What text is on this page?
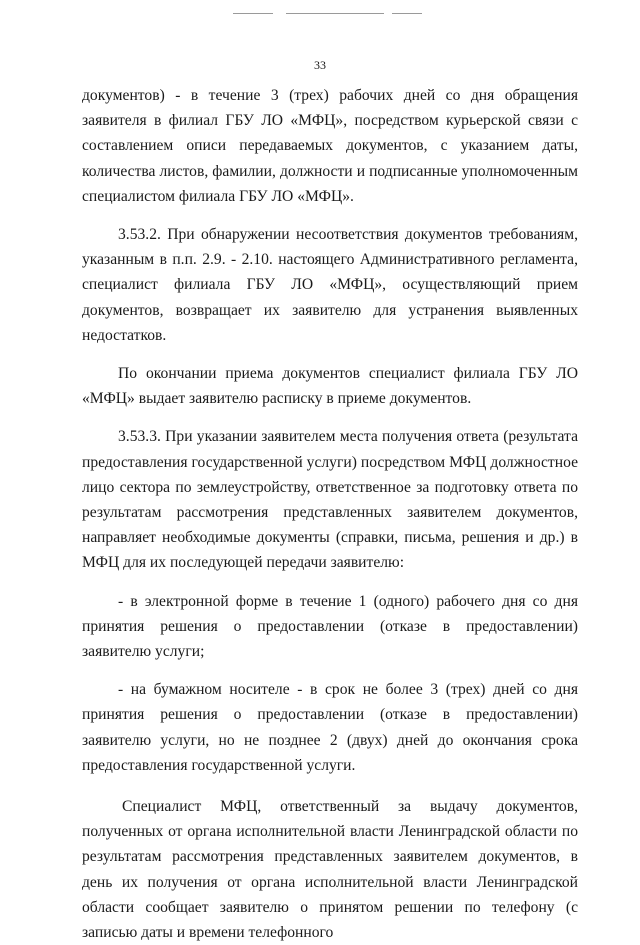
33

документов) - в течение 3 (трех) рабочих дней со дня обращения заявителя в филиал ГБУ ЛО «МФЦ», посредством курьерской связи с составлением описи передаваемых документов, с указанием даты, количества листов, фамилии, должности и подписанные уполномоченным специалистом филиала ГБУ ЛО «МФЦ».

3.53.2. При обнаружении несоответствия документов требованиям, указанным в п.п. 2.9. - 2.10. настоящего Административного регламента, специалист филиала ГБУ ЛО «МФЦ», осуществляющий прием документов, возвращает их заявителю для устранения выявленных недостатков.

По окончании приема документов специалист филиала ГБУ ЛО «МФЦ» выдает заявителю расписку в приеме документов.

3.53.3. При указании заявителем места получения ответа (результата предоставления государственной услуги) посредством МФЦ должностное лицо сектора по землеустройству, ответственное за подготовку ответа по результатам рассмотрения представленных заявителем документов, направляет необходимые документы (справки, письма, решения и др.) в МФЦ для их последующей передачи заявителю:

- в электронной форме в течение 1 (одного) рабочего дня со дня принятия решения о предоставлении (отказе в предоставлении) заявителю услуги;

- на бумажном носителе - в срок не более 3 (трех) дней со дня принятия решения о предоставлении (отказе в предоставлении) заявителю услуги, но не позднее 2 (двух) дней до окончания срока предоставления государственной услуги.

Специалист МФЦ, ответственный за выдачу документов, полученных от органа исполнительной власти Ленинградской области по результатам рассмотрения представленных заявителем документов, в день их получения от органа исполнительной власти Ленинградской области сообщает заявителю о принятом решении по телефону (с записью даты и времени телефонного
